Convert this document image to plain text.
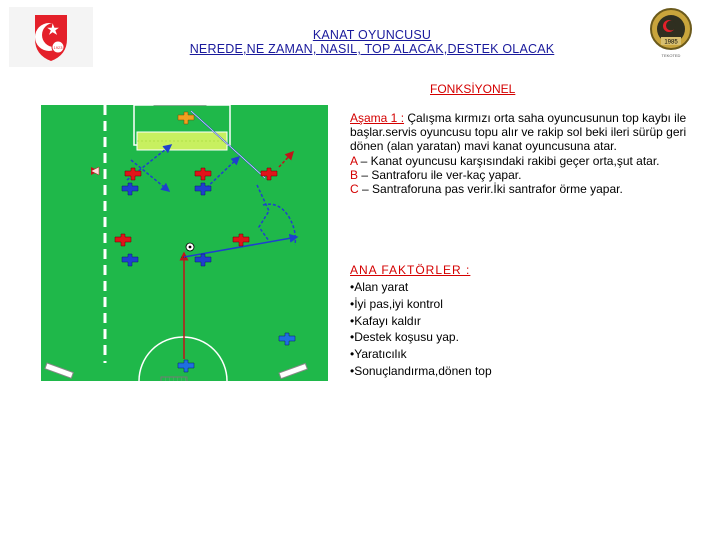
1923
1985
TEKOTED
KANAT OYUNCUSU
NEREDE,NE ZAMAN, NASIL, TOP ALACAK,DESTEK OLACAK
FONKSİYONEL
• • •

Aşama 1 : Çalışma kırmızı orta saha oyuncusunun top kaybı ile başlar.servis oyuncusu topu alır ve rakip sol beki ileri sürüp geri dönen (alan yaratan) mavi kanat oyuncusuna atar.

A – Kanat oyuncusu karşısındaki rakibi geçer orta,şut atar.

B – Santraforu ile ver-kaç yapar.

C – Santraforuna pas verir.İki santrafor örme yapar.

ANA FAKTÖRLER :
•Alan yarat
•İyi pas,iyi kontrol
•Kafayı kaldır
•Destek koşusu yap.
•Yaratıcılık
•Sonuçlandırma,dönen top
